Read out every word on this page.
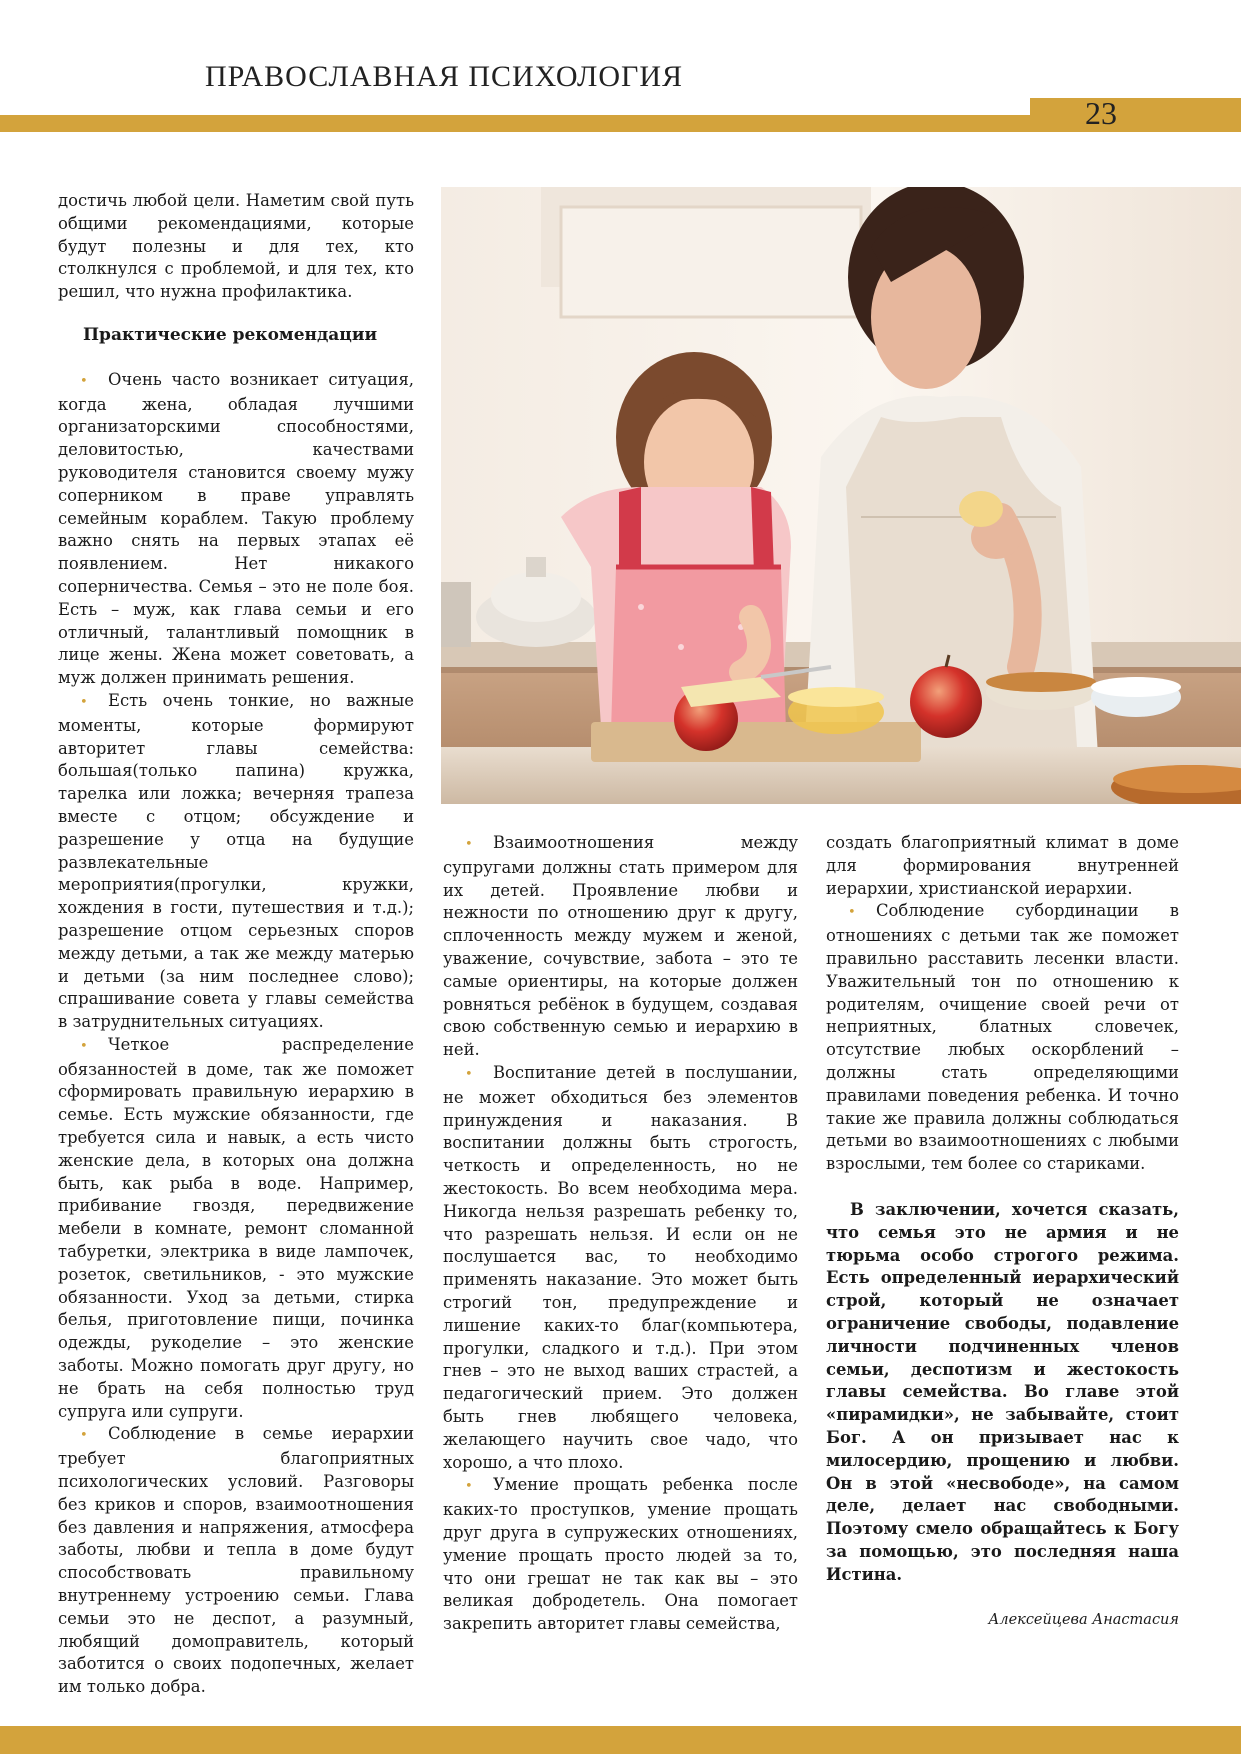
ПРАВОСЛАВНАЯ ПСИХОЛОГИЯ
23

достичь любой цели. Наметим свой путь общими рекомендациями, которые будут полезны и для тех, кто столкнулся с проблемой, и для тех, кто решил, что нужна профилактика.

Практические рекомендации

• Очень часто возникает ситуация, когда жена, обладая лучшими организаторскими способностями, деловитостью, качествами руководителя становится своему мужу соперником в праве управлять семейным кораблем. Такую проблему важно снять на первых этапах её появлением. Нет никакого соперничества. Семья – это не поле боя. Есть – муж, как глава семьи и его отличный, талантливый помощник в лице жены. Жена может советовать, а муж должен принимать решения.

• Есть очень тонкие, но важные моменты, которые формируют авторитет главы семейства: большая(только папина) кружка, тарелка или ложка; вечерняя трапеза вместе с отцом; обсуждение и разрешение у отца на будущие развлекательные мероприятия(прогулки, кружки, хождения в гости, путешествия и т.д.); разрешение отцом серьезных споров между детьми, а так же между матерью и детьми (за ним последнее слово); спрашивание совета у главы семейства в затруднительных ситуациях.

• Четкое распределение обязанностей в доме, так же поможет сформировать правильную иерархию в семье. Есть мужские обязанности, где требуется сила и навык, а есть чисто женские дела, в которых она должна быть, как рыба в воде. Например, прибивание гвоздя, передвижение мебели в комнате, ремонт сломанной табуретки, электрика в виде лампочек, розеток, светильников, - это мужские обязанности. Уход за детьми, стирка белья, приготовление пищи, починка одежды, рукоделие – это женские заботы. Можно помогать друг другу, но не брать на себя полностью труд супруга или супруги.

• Соблюдение в семье иерархии требует благоприятных психологических условий. Разговоры без криков и споров, взаимоотношения без давления и напряжения, атмосфера заботы, любви и тепла в доме будут способствовать правильному внутреннему устроению семьи. Глава семьи это не деспот, а разумный, любящий домоправитель, который заботится о своих подопечных, желает им только добра.

• Взаимоотношения между супругами должны стать примером для их детей. Проявление любви и нежности по отношению друг к другу, сплоченность между мужем и женой, уважение, сочувствие, забота – это те самые ориентиры, на которые должен ровняться ребёнок в будущем, создавая свою собственную семью и иерархию в ней.

• Воспитание детей в послушании, не может обходиться без элементов принуждения и наказания. В воспитании должны быть строгость, четкость и определенность, но не жестокость. Во всем необходима мера. Никогда нельзя разрешать ребенку то, что разрешать нельзя. И если он не послушается вас, то необходимо применять наказание. Это может быть строгий тон, предупреждение и лишение каких-то благ(компьютера, прогулки, сладкого и т.д.). При этом гнев – это не выход ваших страстей, а педагогический прием. Это должен быть гнев любящего человека, желающего научить свое чадо, что хорошо, а что плохо.

• Умение прощать ребенка после каких-то проступков, умение прощать друг друга в супружеских отношениях, умение прощать просто людей за то, что они грешат не так как вы – это великая добродетель. Она помогает закрепить авторитет главы семейства,

создать благоприятный климат в доме для формирования внутренней иерархии, христианской иерархии.

• Соблюдение субординации в отношениях с детьми так же поможет правильно расставить лесенки власти. Уважительный тон по отношению к родителям, очищение своей речи от неприятных, блатных словечек, отсутствие любых оскорблений – должны стать определяющими правилами поведения ребенка. И точно такие же правила должны соблюдаться детьми во взаимоотношениях с любыми взрослыми, тем более со стариками.

В заключении, хочется сказать, что семья это не армия и не тюрьма особо строгого режима. Есть определенный иерархический строй, который не означает ограничение свободы, подавление личности подчиненных членов семьи, деспотизм и жестокость главы семейства. Во главе этой «пирамидки», не забывайте, стоит Бог. А он призывает нас к милосердию, прощению и любви. Он в этой «несвободе», на самом деле, делает нас свободными. Поэтому смело обращайтесь к Богу за помощью, это последняя наша Истина.

Алексейцева Анастасия
